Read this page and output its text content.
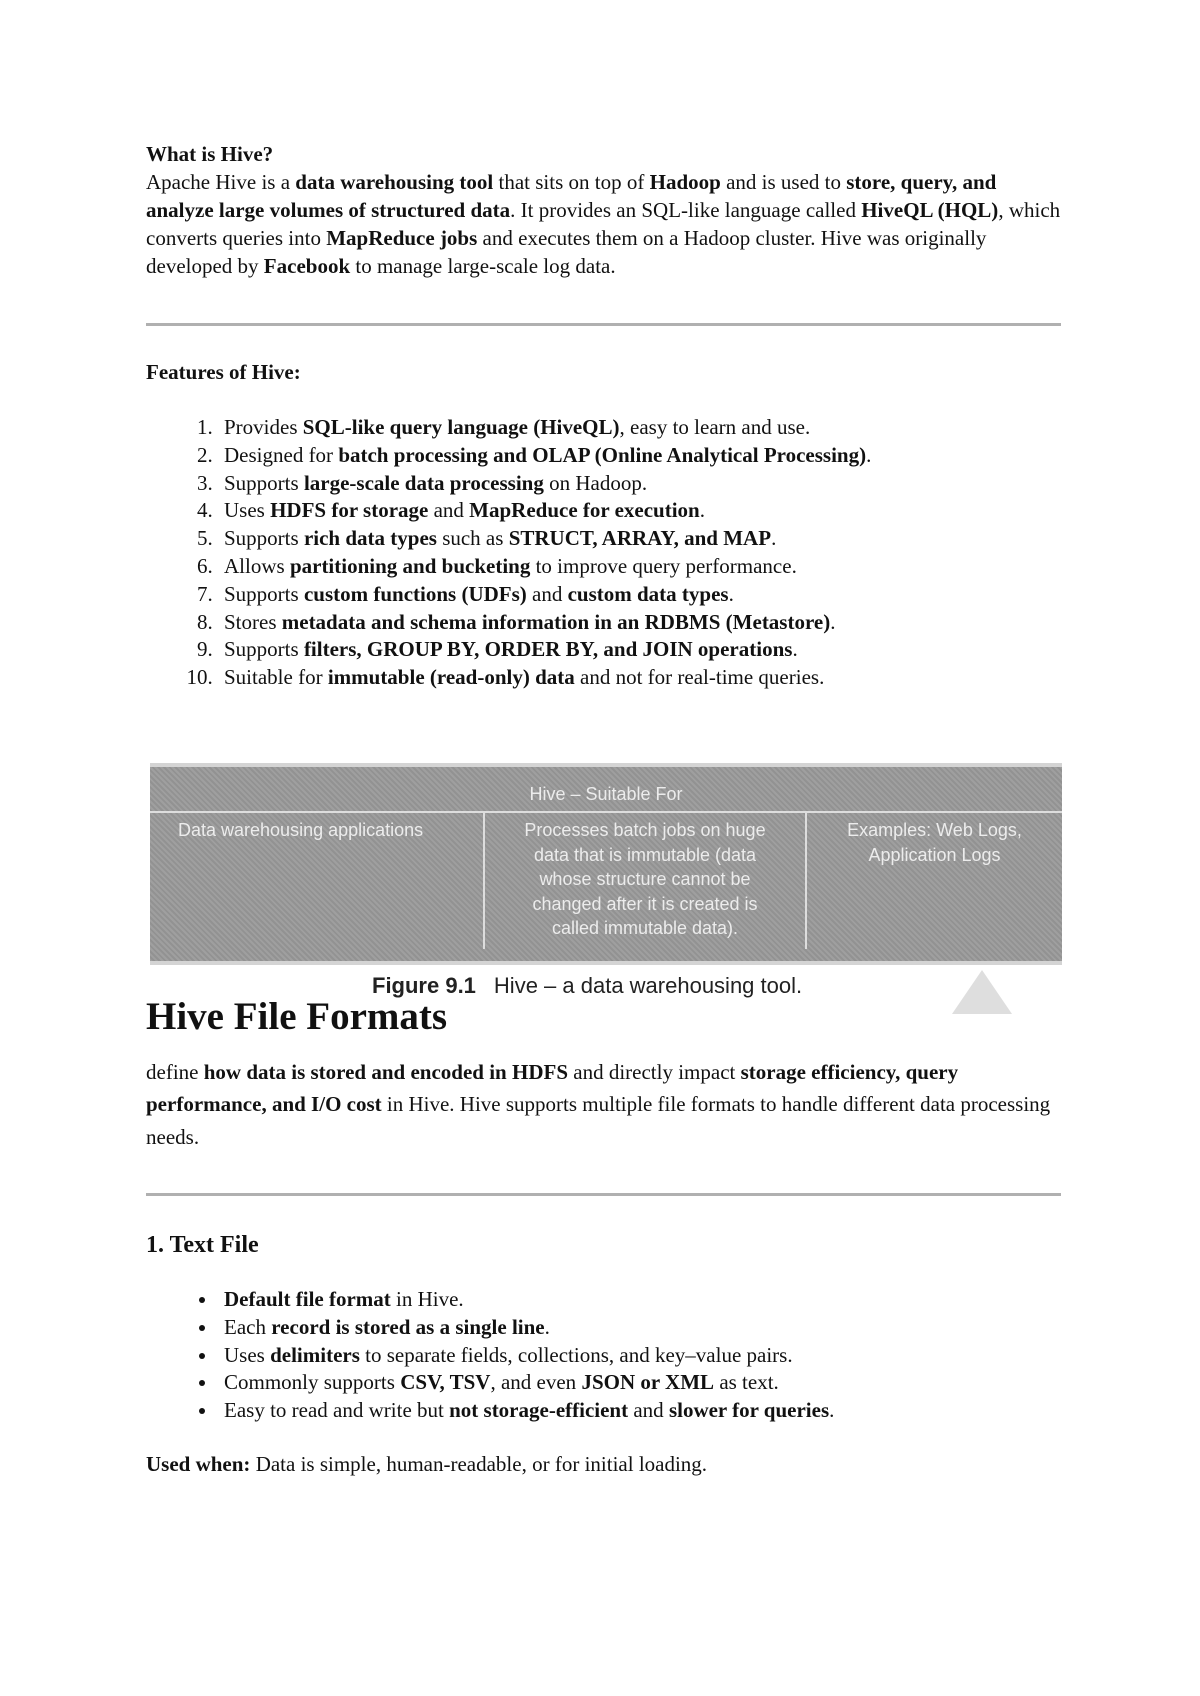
What is Hive?

Apache Hive is a data warehousing tool that sits on top of Hadoop and is used to store, query, and analyze large volumes of structured data. It provides an SQL-like language called HiveQL (HQL), which converts queries into MapReduce jobs and executes them on a Hadoop cluster. Hive was originally developed by Facebook to manage large-scale log data.

Features of Hive:

1. Provides SQL-like query language (HiveQL), easy to learn and use.
2. Designed for batch processing and OLAP (Online Analytical Processing).
3. Supports large-scale data processing on Hadoop.
4. Uses HDFS for storage and MapReduce for execution.
5. Supports rich data types such as STRUCT, ARRAY, and MAP.
6. Allows partitioning and bucketing to improve query performance.
7. Supports custom functions (UDFs) and custom data types.
8. Stores metadata and schema information in an RDBMS (Metastore).
9. Supports filters, GROUP BY, ORDER BY, and JOIN operations.
10. Suitable for immutable (read-only) data and not for real-time queries.
Hive File Formats

define how data is stored and encoded in HDFS and directly impact storage efficiency, query performance, and I/O cost in Hive. Hive supports multiple file formats to handle different data processing needs.

1. Text File
• Default file format in Hive.
• Each record is stored as a single line.
• Uses delimiters to separate fields, collections, and key–value pairs.
• Commonly supports CSV, TSV, and even JSON or XML as text.
• Easy to read and write but not storage-efficient and slower for queries.

Used when: Data is simple, human-readable, or for initial loading.

Hive – Suitable For
Data warehousing applications	Processes batch jobs on huge
data that is immutable (data
whose structure cannot be
changed after it is created is
called immutable data).
Examples: Web Logs,
Application Logs
Figure 9.1 Hive – a data warehousing tool.
